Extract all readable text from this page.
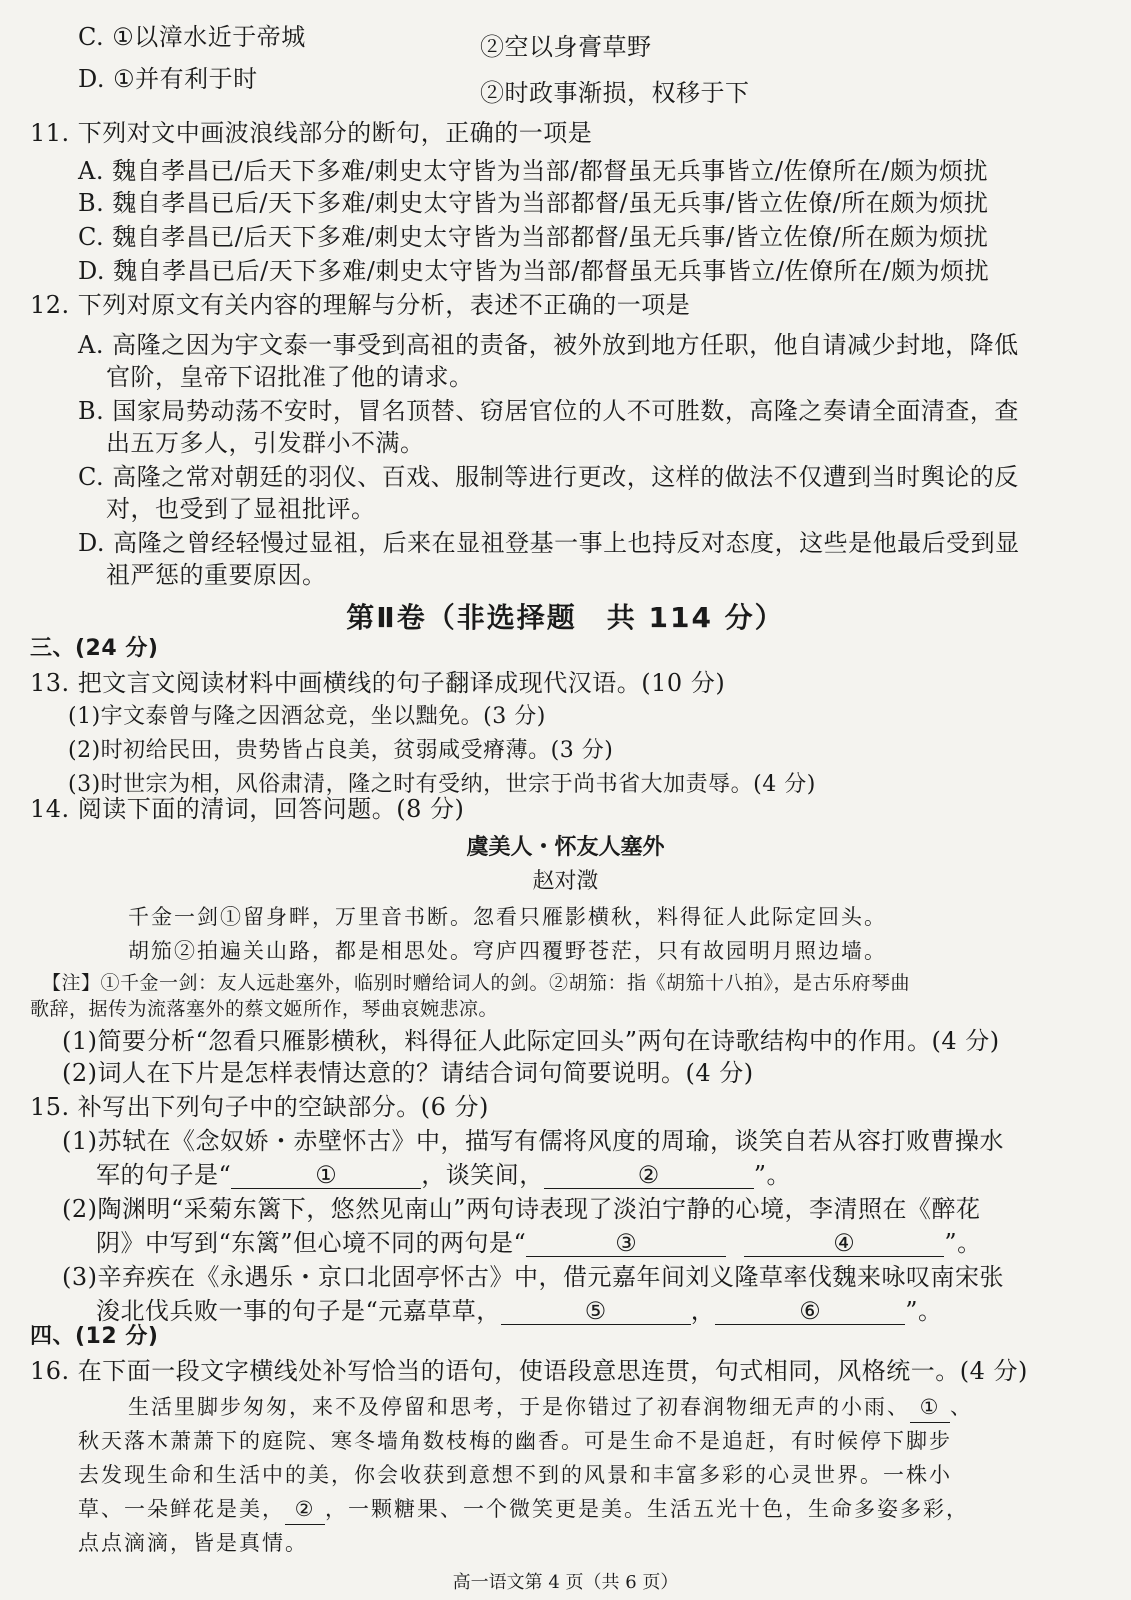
C. ①以漳水近于帝城	②空以身膏草野
D. ①并有利于时	②时政事渐损，权移于下
11. 下列对文中画波浪线部分的断句，正确的一项是
A. 魏自孝昌已/后天下多难/刺史太守皆为当部/都督虽无兵事皆立/佐僚所在/颇为烦扰
B. 魏自孝昌已后/天下多难/刺史太守皆为当部都督/虽无兵事/皆立佐僚/所在颇为烦扰
C. 魏自孝昌已/后天下多难/刺史太守皆为当部都督/虽无兵事/皆立佐僚/所在颇为烦扰
D. 魏自孝昌已后/天下多难/刺史太守皆为当部/都督虽无兵事皆立/佐僚所在/颇为烦扰
12. 下列对原文有关内容的理解与分析，表述不正确的一项是
A. 高隆之因为宇文泰一事受到高祖的责备，被外放到地方任职，他自请减少封地，降低
官阶，皇帝下诏批准了他的请求。
B. 国家局势动荡不安时，冒名顶替、窃居官位的人不可胜数，高隆之奏请全面清查，查
出五万多人，引发群小不满。
C. 高隆之常对朝廷的羽仪、百戏、服制等进行更改，这样的做法不仅遭到当时舆论的反
对，也受到了显祖批评。
D. 高隆之曾经轻慢过显祖，后来在显祖登基一事上也持反对态度，这些是他最后受到显
祖严惩的重要原因。
第Ⅱ卷（非选择题　共 114 分）
三、(24 分)
13. 把文言文阅读材料中画横线的句子翻译成现代汉语。(10 分)
(1)宇文泰曾与隆之因酒忿竞，坐以黜免。(3 分)
(2)时初给民田，贵势皆占良美，贫弱咸受瘠薄。(3 分)
(3)时世宗为相，风俗肃清，隆之时有受纳，世宗于尚书省大加责辱。(4 分)
14. 阅读下面的清词，回答问题。(8 分)
虞美人・怀友人塞外
赵对澂
千金一剑①留身畔，万里音书断。忽看只雁影横秋，料得征人此际定回头。
胡笳②拍遍关山路，都是相思处。穹庐四覆野苍茫，只有故园明月照边墙。
【注】①千金一剑：友人远赴塞外，临别时赠给词人的剑。②胡笳：指《胡笳十八拍》，是古乐府琴曲
歌辞，据传为流落塞外的蔡文姬所作，琴曲哀婉悲凉。
(1)简要分析“忽看只雁影横秋，料得征人此际定回头”两句在诗歌结构中的作用。(4 分)
(2)词人在下片是怎样表情达意的？请结合词句简要说明。(4 分)
15. 补写出下列句子中的空缺部分。(6 分)
(1)苏轼在《念奴娇・赤壁怀古》中，描写有儒将风度的周瑜，谈笑自若从容打败曹操水
军的句子是“	①	，谈笑间，	②	”。
(2)陶渊明“采菊东篱下，悠然见南山”两句诗表现了淡泊宁静的心境，李清照在《醉花
阴》中写到“东篱”但心境不同的两句是“	③	④	”。
(3)辛弃疾在《永遇乐・京口北固亭怀古》中，借元嘉年间刘义隆草率伐魏来咏叹南宋张
浚北伐兵败一事的句子是“元嘉草草，	⑤	，	⑥	”。
四、(12 分)
16. 在下面一段文字横线处补写恰当的语句，使语段意思连贯，句式相同，风格统一。(4 分)
生活里脚步匆匆，来不及停留和思考，于是你错过了初春润物细无声的小雨、 ① 、
秋天落木萧萧下的庭院、寒冬墙角数枝梅的幽香。可是生命不是追赶，有时候停下脚步
去发现生命和生活中的美，你会收获到意想不到的风景和丰富多彩的心灵世界。一株小
草、一朵鲜花是美， ② ，一颗糖果、一个微笑更是美。生活五光十色，生命多姿多彩，
点点滴滴，皆是真情。
高一语文第 4 页（共 6 页）
